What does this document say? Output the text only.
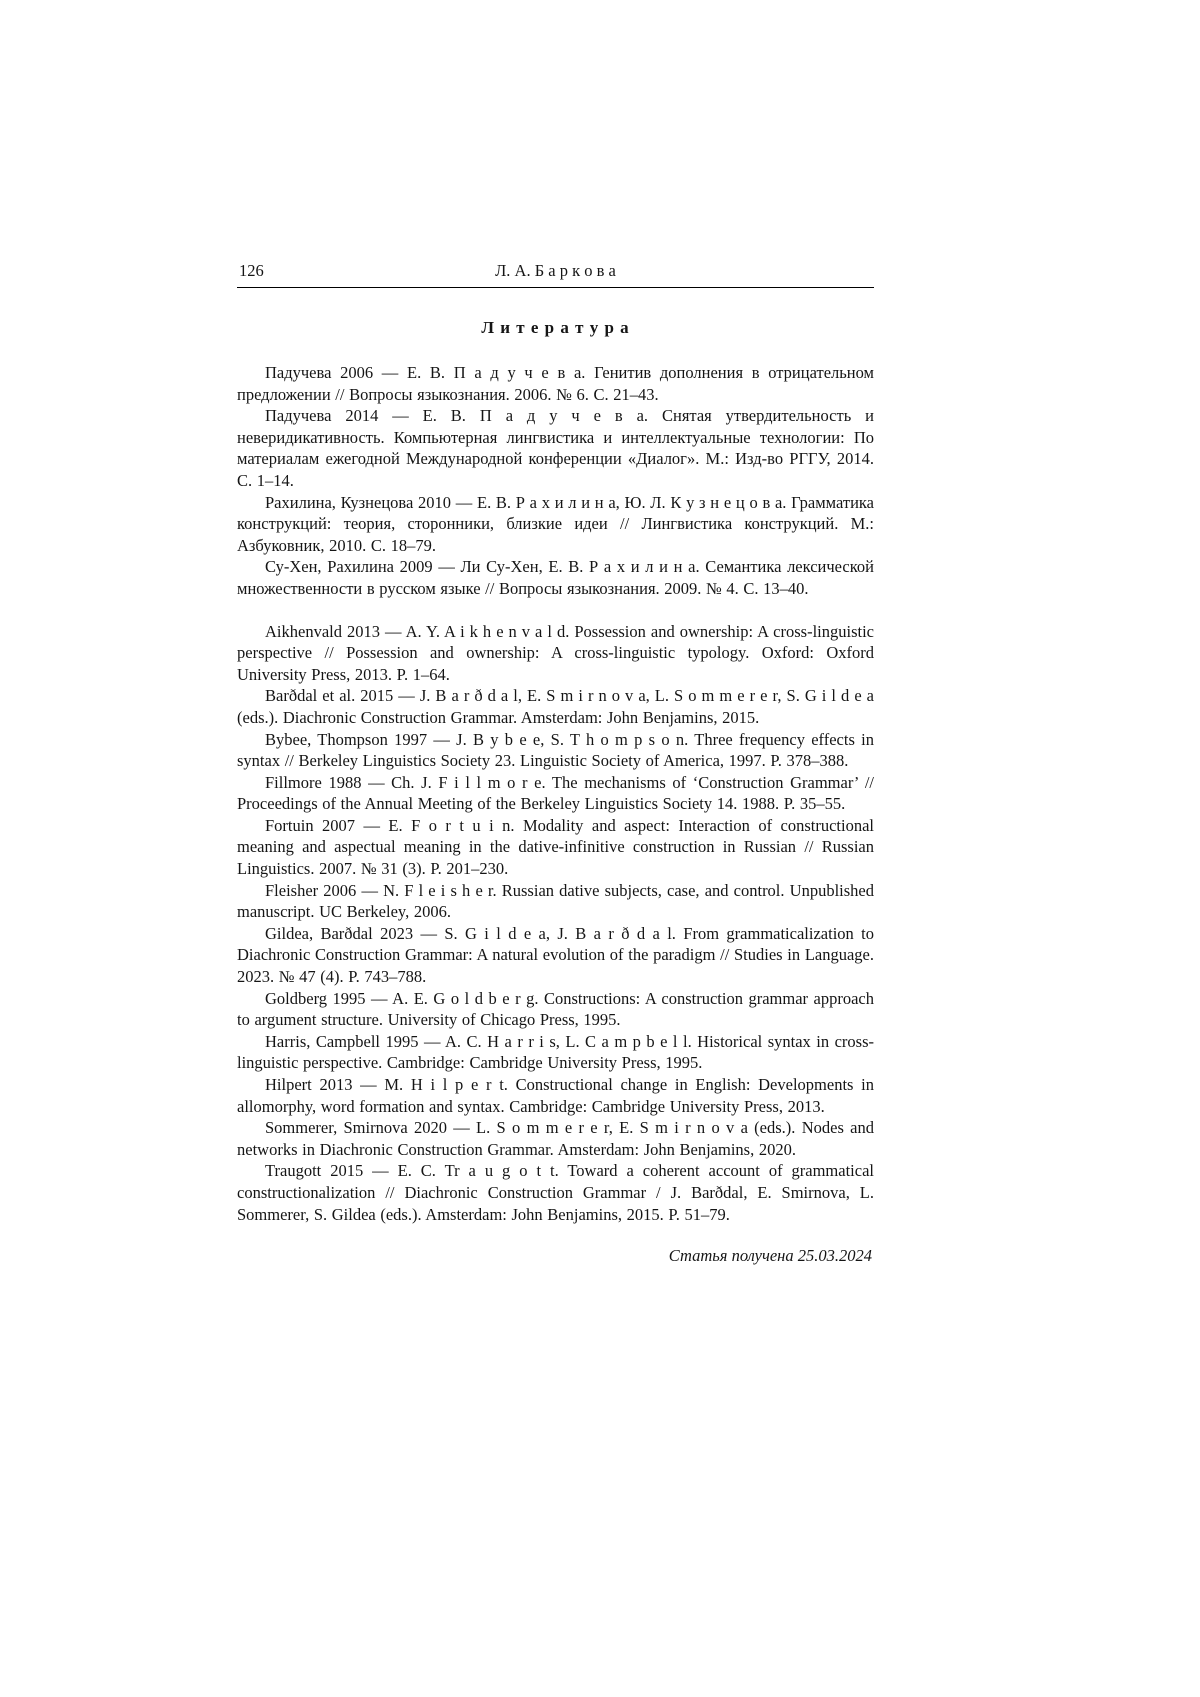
126	Л. А. Б а р к о в а
Л и т е р а т у р а

Падучева 2006 — Е. В. П а д у ч е в а. Генитив дополнения в отрицательном предложении // Вопросы языкознания. 2006. № 6. С. 21–43.

Падучева 2014 — Е. В. П а д у ч е в а. Снятая утвердительность и неверидикативность. Компьютерная лингвистика и интеллектуальные технологии: По материалам ежегодной Международной конференции «Диалог». М.: Изд-во РГГУ, 2014. С. 1–14.

Рахилина, Кузнецова 2010 — Е. В. Р а х и л и н а, Ю. Л. К у з н е ц о в а. Грамматика конструкций: теория, сторонники, близкие идеи // Лингвистика конструкций. М.: Азбуковник, 2010. С. 18–79.

Су-Хен, Рахилина 2009 — Ли Су-Хен, Е. В. Р а х и л и н а. Семантика лексической множественности в русском языке // Вопросы языкознания. 2009. № 4. С. 13–40.

Aikhenvald 2013 — A. Y. A i k h e n v a l d. Possession and ownership: A cross-linguistic perspective // Possession and ownership: A cross-linguistic typology. Oxford: Oxford University Press, 2013. P. 1–64.

Barðdal et al. 2015 — J. B a r ð d a l, E. S m i r n o v a, L. S o m m e r e r, S. G i l d e a (eds.). Diachronic Construction Grammar. Amsterdam: John Benjamins, 2015.

Bybee, Thompson 1997 — J. B y b e e, S. T h o m p s o n. Three frequency effects in syntax // Berkeley Linguistics Society 23. Linguistic Society of America, 1997. P. 378–388.

Fillmore 1988 — Ch. J. F i l l m o r e. The mechanisms of ‘Construction Grammar’ // Proceedings of the Annual Meeting of the Berkeley Linguistics Society 14. 1988. P. 35–55.

Fortuin 2007 — E. F o r t u i n. Modality and aspect: Interaction of constructional meaning and aspectual meaning in the dative-infinitive construction in Russian // Russian Linguistics. 2007. № 31 (3). P. 201–230.

Fleisher 2006 — N. F l e i s h e r. Russian dative subjects, case, and control. Unpublished manuscript. UC Berkeley, 2006.

Gildea, Barðdal 2023 — S. G i l d e a, J. B a r ð d a l. From grammaticalization to Diachronic Construction Grammar: A natural evolution of the paradigm // Studies in Language. 2023. № 47 (4). P. 743–788.

Goldberg 1995 — A. E. G o l d b e r g. Constructions: A construction grammar approach to argument structure. University of Chicago Press, 1995.

Harris, Campbell 1995 — A. C. H a r r i s, L. C a m p b e l l. Historical syntax in cross-linguistic perspective. Cambridge: Cambridge University Press, 1995.

Hilpert 2013 — M. H i l p e r t. Constructional change in English: Developments in allomorphy, word formation and syntax. Cambridge: Cambridge University Press, 2013.

Sommerer, Smirnova 2020 — L. S o m m e r e r, E. S m i r n o v a (eds.). Nodes and networks in Diachronic Construction Grammar. Amsterdam: John Benjamins, 2020.

Traugott 2015 — E. C. Tr a u g o t t. Toward a coherent account of grammatical constructionalization // Diachronic Construction Grammar / J. Barðdal, E. Smirnova, L. Sommerer, S. Gildea (eds.). Amsterdam: John Benjamins, 2015. P. 51–79.

Статья получена 25.03.2024
